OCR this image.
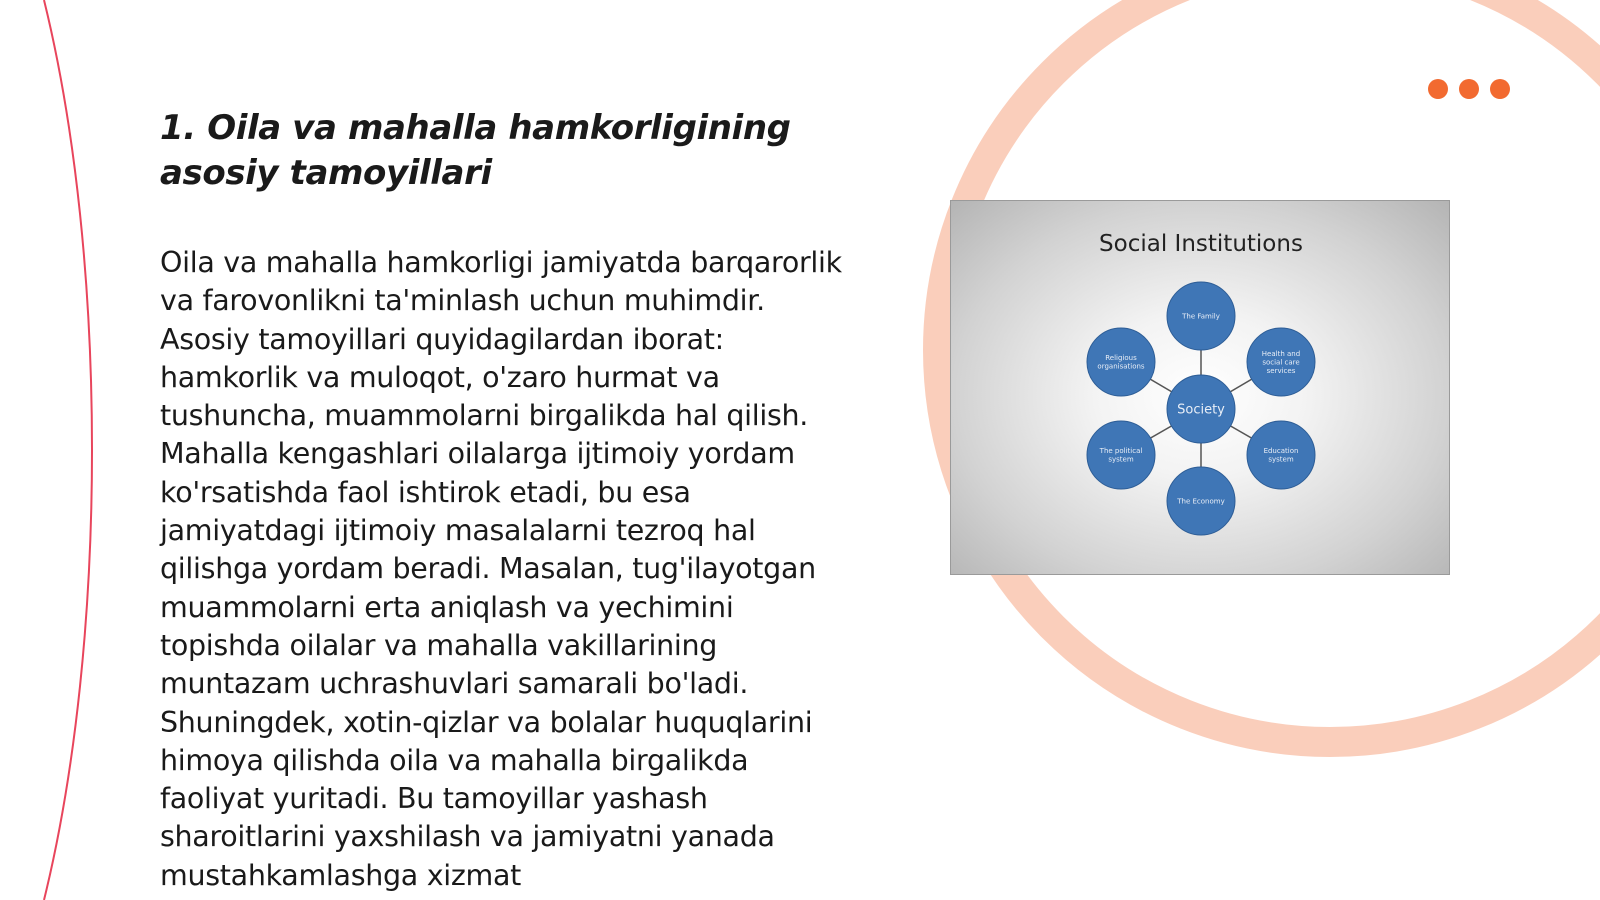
1. Oila va mahalla hamkorligining asosiy tamoyillari

Oila va mahalla hamkorligi jamiyatda barqarorlik va farovonlikni ta'minlash uchun muhimdir. Asosiy tamoyillari quyidagilardan iborat: hamkorlik va muloqot, o'zaro hurmat va tushuncha, muammolarni birgalikda hal qilish. Mahalla kengashlari oilalarga ijtimoiy yordam ko'rsatishda faol ishtirok etadi, bu esa jamiyatdagi ijtimoiy masalalarni tezroq hal qilishga yordam beradi. Masalan, tug'ilayotgan muammolarni erta aniqlash va yechimini topishda oilalar va mahalla vakillarining muntazam uchrashuvlari samarali bo'ladi. Shuningdek, xotin-qizlar va bolalar huquqlarini himoya qilishda oila va mahalla birgalikda faoliyat yuritadi. Bu tamoyillar yashash sharoitlarini yaxshilash va jamiyatni yanada mustahkamlashga xizmat

Social Institutions
The Family
Health and
social care
services
Education
system
The Economy
The political
system
Religious
organisations
Society
